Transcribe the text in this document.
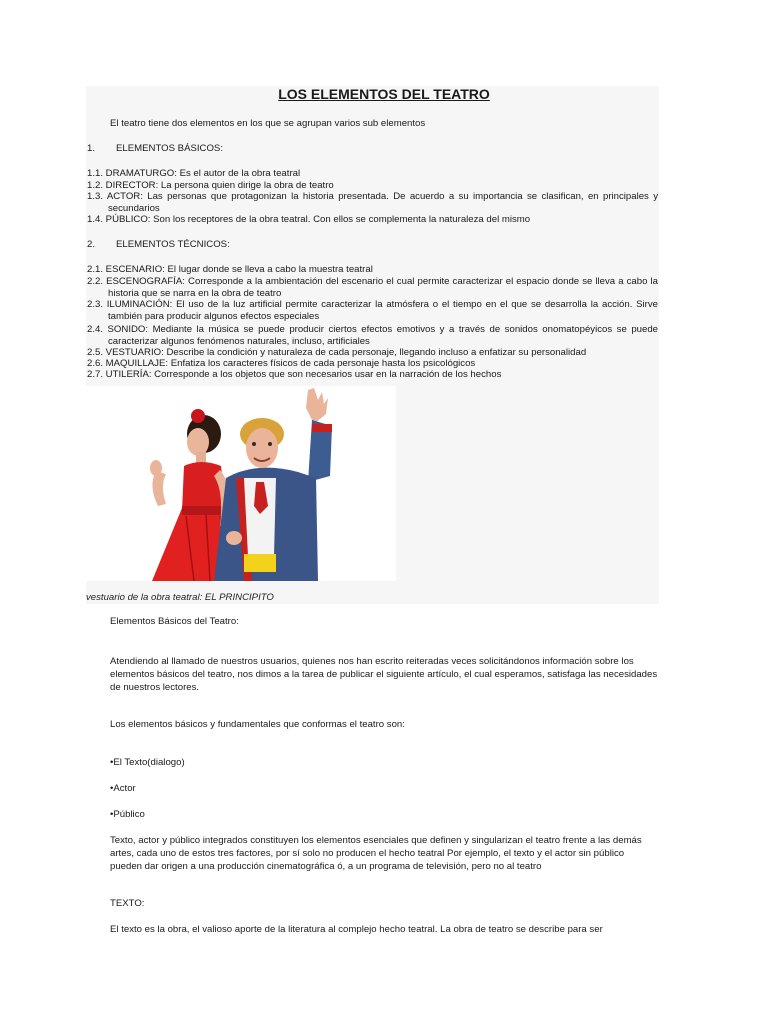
LOS ELEMENTOS DEL TEATRO
El teatro tiene dos elementos en los que se agrupan varios sub elementos
1. ELEMENTOS BÁSICOS:
1.1. DRAMATURGO: Es el autor de la obra teatral
1.2. DIRECTOR: La persona quien dirige la obra de teatro
1.3. ACTOR: Las personas que protagonizan la historia presentada. De acuerdo a su importancia se clasifican, en principales y secundarios
1.4. PÚBLICO: Son los receptores de la obra teatral. Con ellos se complementa la naturaleza del mismo
2. ELEMENTOS TÉCNICOS:
2.1. ESCENARIO: El lugar donde se lleva a cabo la muestra teatral
2.2. ESCENOGRAFÍA: Corresponde a la ambientación del escenario el cual permite caracterizar el espacio donde se lleva a cabo la historia que se narra en la obra de teatro
2.3. ILUMINACIÓN: El uso de la luz artificial permite caracterizar la atmósfera o el tiempo en el que se desarrolla la acción. Sirve también para producir algunos efectos especiales
2.4. SONIDO: Mediante la música se puede producir ciertos efectos emotivos y a través de sonidos onomatopéyicos se puede caracterizar algunos fenómenos naturales, incluso, artificiales
2.5. VESTUARIO: Describe la condición y naturaleza de cada personaje, llegando incluso a enfatizar su personalidad
2.6. MAQUILLAJE: Enfatiza los caracteres físicos de cada personaje hasta los psicológicos
2.7. UTILERÍA: Corresponde a los objetos que son necesarios usar en la narración de los hechos
vestuario de la obra teatral: EL PRINCIPITO
Elementos Básicos del Teatro:
Atendiendo al llamado de nuestros usuarios, quienes nos han escrito reiteradas veces solicitándonos información sobre los elementos básicos del teatro, nos dimos a la tarea de publicar el siguiente artículo, el cual esperamos, satisfaga las necesidades de nuestros lectores.
Los elementos básicos y fundamentales que conformas el teatro son:
•El Texto(dialogo)
•Actor
•Público
Texto, actor y público integrados constituyen los elementos esenciales que definen y singularizan el teatro frente a las demás artes, cada uno de estos tres factores, por sí solo no producen el hecho teatral Por ejemplo, el texto y el actor sin público pueden dar origen a una producción cinematográfica ó, a un programa de televisión, pero no al teatro
TEXTO:
El texto es la obra, el valioso aporte de la literatura al complejo hecho teatral. La obra de teatro se describe para ser
